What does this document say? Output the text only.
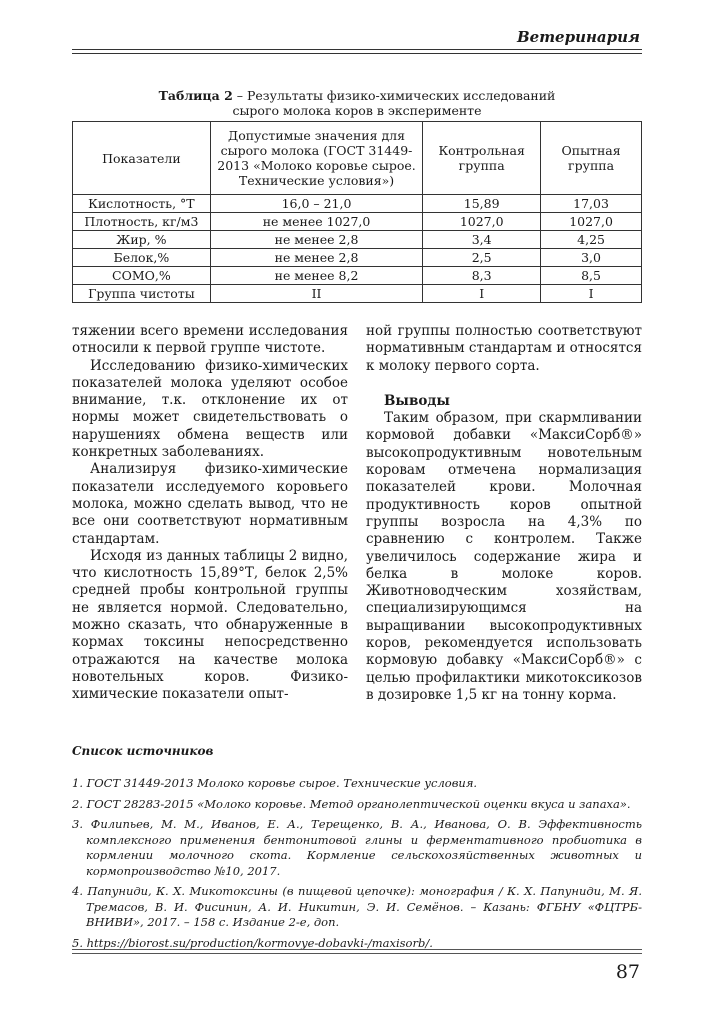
Ветеринария
Таблица 2 – Результаты физико-химических исследований
сырого молока коров в эксперименте
Показатели	Допустимые значения для сырого молока (ГОСТ 31449-2013 «Молоко коровье сырое. Технические условия»)	Контрольная группа	Опытная группа
Кислотность, °Т	16,0 – 21,0	15,89	17,03
Плотность, кг/м3	не менее 1027,0	1027,0	1027,0
Жир, %	не менее 2,8	3,4	4,25
Белок,%	не менее 2,8	2,5	3,0
СОМО,%	не менее 8,2	8,3	8,5
Группа чистоты	II	I	I

тяжении всего времени исследования относили к первой группе чистоте.

Исследованию физико-химических показателей молока уделяют особое внимание, т.к. отклонение их от нормы может свидетельствовать о нарушениях обмена веществ или конкретных заболеваниях.

Анализируя физико-химические показатели исследуемого коровьего молока, можно сделать вывод, что не все они соответствуют нормативным стандартам.

Исходя из данных таблицы 2 видно, что кислотность 15,89°Т, белок 2,5% средней пробы контрольной группы не является нормой. Следовательно, можно сказать, что обнаруженные в кормах токсины непосредственно отражаются на качестве молока новотельных коров. Физико-химические показатели опыт-

ной группы полностью соответствуют нормативным стандартам и относятся к молоку первого сорта.

Выводы

Таким образом, при скармливании кормовой добавки «МаксиСорб®» высокопродуктивным новотельным коровам отмечена нормализация показателей крови. Молочная продуктивность коров опытной группы возросла на 4,3% по сравнению с контролем. Также увеличилось содержание жира и белка в молоке коров. Животноводческим хозяйствам, специализирующимся на выращивании высокопродуктивных коров, рекомендуется использовать кормовую добавку «МаксиСорб®» с целью профилактики микотоксикозов в дозировке 1,5 кг на тонну корма.

Список источников
1. ГОСТ 31449-2013 Молоко коровье сырое. Технические условия.
2. ГОСТ 28283-2015 «Молоко коровье. Метод органолептической оценки вкуса и запаха».
3. Филипьев, М. М., Иванов, Е. А., Терещенко, В. А., Иванова, О. В. Эффективность комплексного применения бентонитовой глины и ферментативного пробиотика в кормлении молочного скота. Кормление сельскохозяйственных животных и кормопроизводство №10, 2017.
4. Папуниди, К. Х. Микотоксины (в пищевой цепочке): монография / К. Х. Папуниди, М. Я. Тремасов, В. И. Фисинин, А. И. Никитин, Э. И. Семёнов. – Казань: ФГБНУ «ФЦТРБ-ВНИВИ», 2017. – 158 с. Издание 2-е, доп.
5. https://biorost.su/production/kormovye-dobavki-/maxisorb/.
87
